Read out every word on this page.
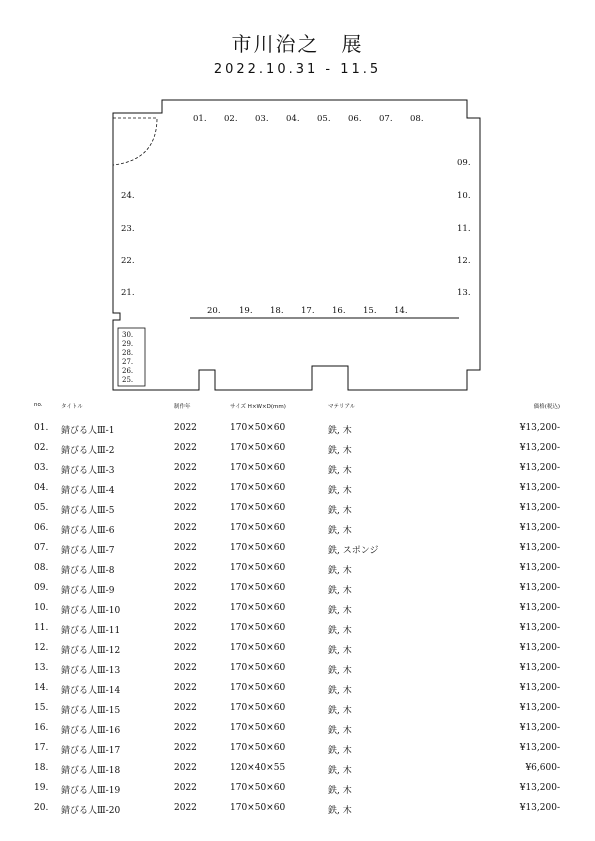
市川治之　展
2022.10.31 - 11.5
01. 02. 03. 04. 05. 06. 07. 08.
09.
10.
11.
12.
13.
24.
23.
22.
21.
20. 19. 18. 17. 16. 15. 14.
30.
29.
28.
27.
26.
25.
no.	タイトル	制作年	サイズ H×W×D(mm)	マテリアル	価格(税込)
01. 錆びる人Ⅲ-1	2022	170×50×60	鉄, 木	¥13,200-
02. 錆びる人Ⅲ-2	2022	170×50×60	鉄, 木	¥13,200-
03. 錆びる人Ⅲ-3	2022	170×50×60	鉄, 木	¥13,200-
04. 錆びる人Ⅲ-4	2022	170×50×60	鉄, 木	¥13,200-
05. 錆びる人Ⅲ-5	2022	170×50×60	鉄, 木	¥13,200-
06. 錆びる人Ⅲ-6	2022	170×50×60	鉄, 木	¥13,200-
07. 錆びる人Ⅲ-7	2022	170×50×60	鉄, スポンジ	¥13,200-
08. 錆びる人Ⅲ-8	2022	170×50×60	鉄, 木	¥13,200-
09. 錆びる人Ⅲ-9	2022	170×50×60	鉄, 木	¥13,200-
10. 錆びる人Ⅲ-10	2022	170×50×60	鉄, 木	¥13,200-
11. 錆びる人Ⅲ-11	2022	170×50×60	鉄, 木	¥13,200-
12. 錆びる人Ⅲ-12	2022	170×50×60	鉄, 木	¥13,200-
13. 錆びる人Ⅲ-13	2022	170×50×60	鉄, 木	¥13,200-
14. 錆びる人Ⅲ-14	2022	170×50×60	鉄, 木	¥13,200-
15. 錆びる人Ⅲ-15	2022	170×50×60	鉄, 木	¥13,200-
16. 錆びる人Ⅲ-16	2022	170×50×60	鉄, 木	¥13,200-
17. 錆びる人Ⅲ-17	2022	170×50×60	鉄, 木	¥13,200-
18. 錆びる人Ⅲ-18	2022	120×40×55	鉄, 木	¥6,600-
19. 錆びる人Ⅲ-19	2022	170×50×60	鉄, 木	¥13,200-
20. 錆びる人Ⅲ-20	2022	170×50×60	鉄, 木	¥13,200-
